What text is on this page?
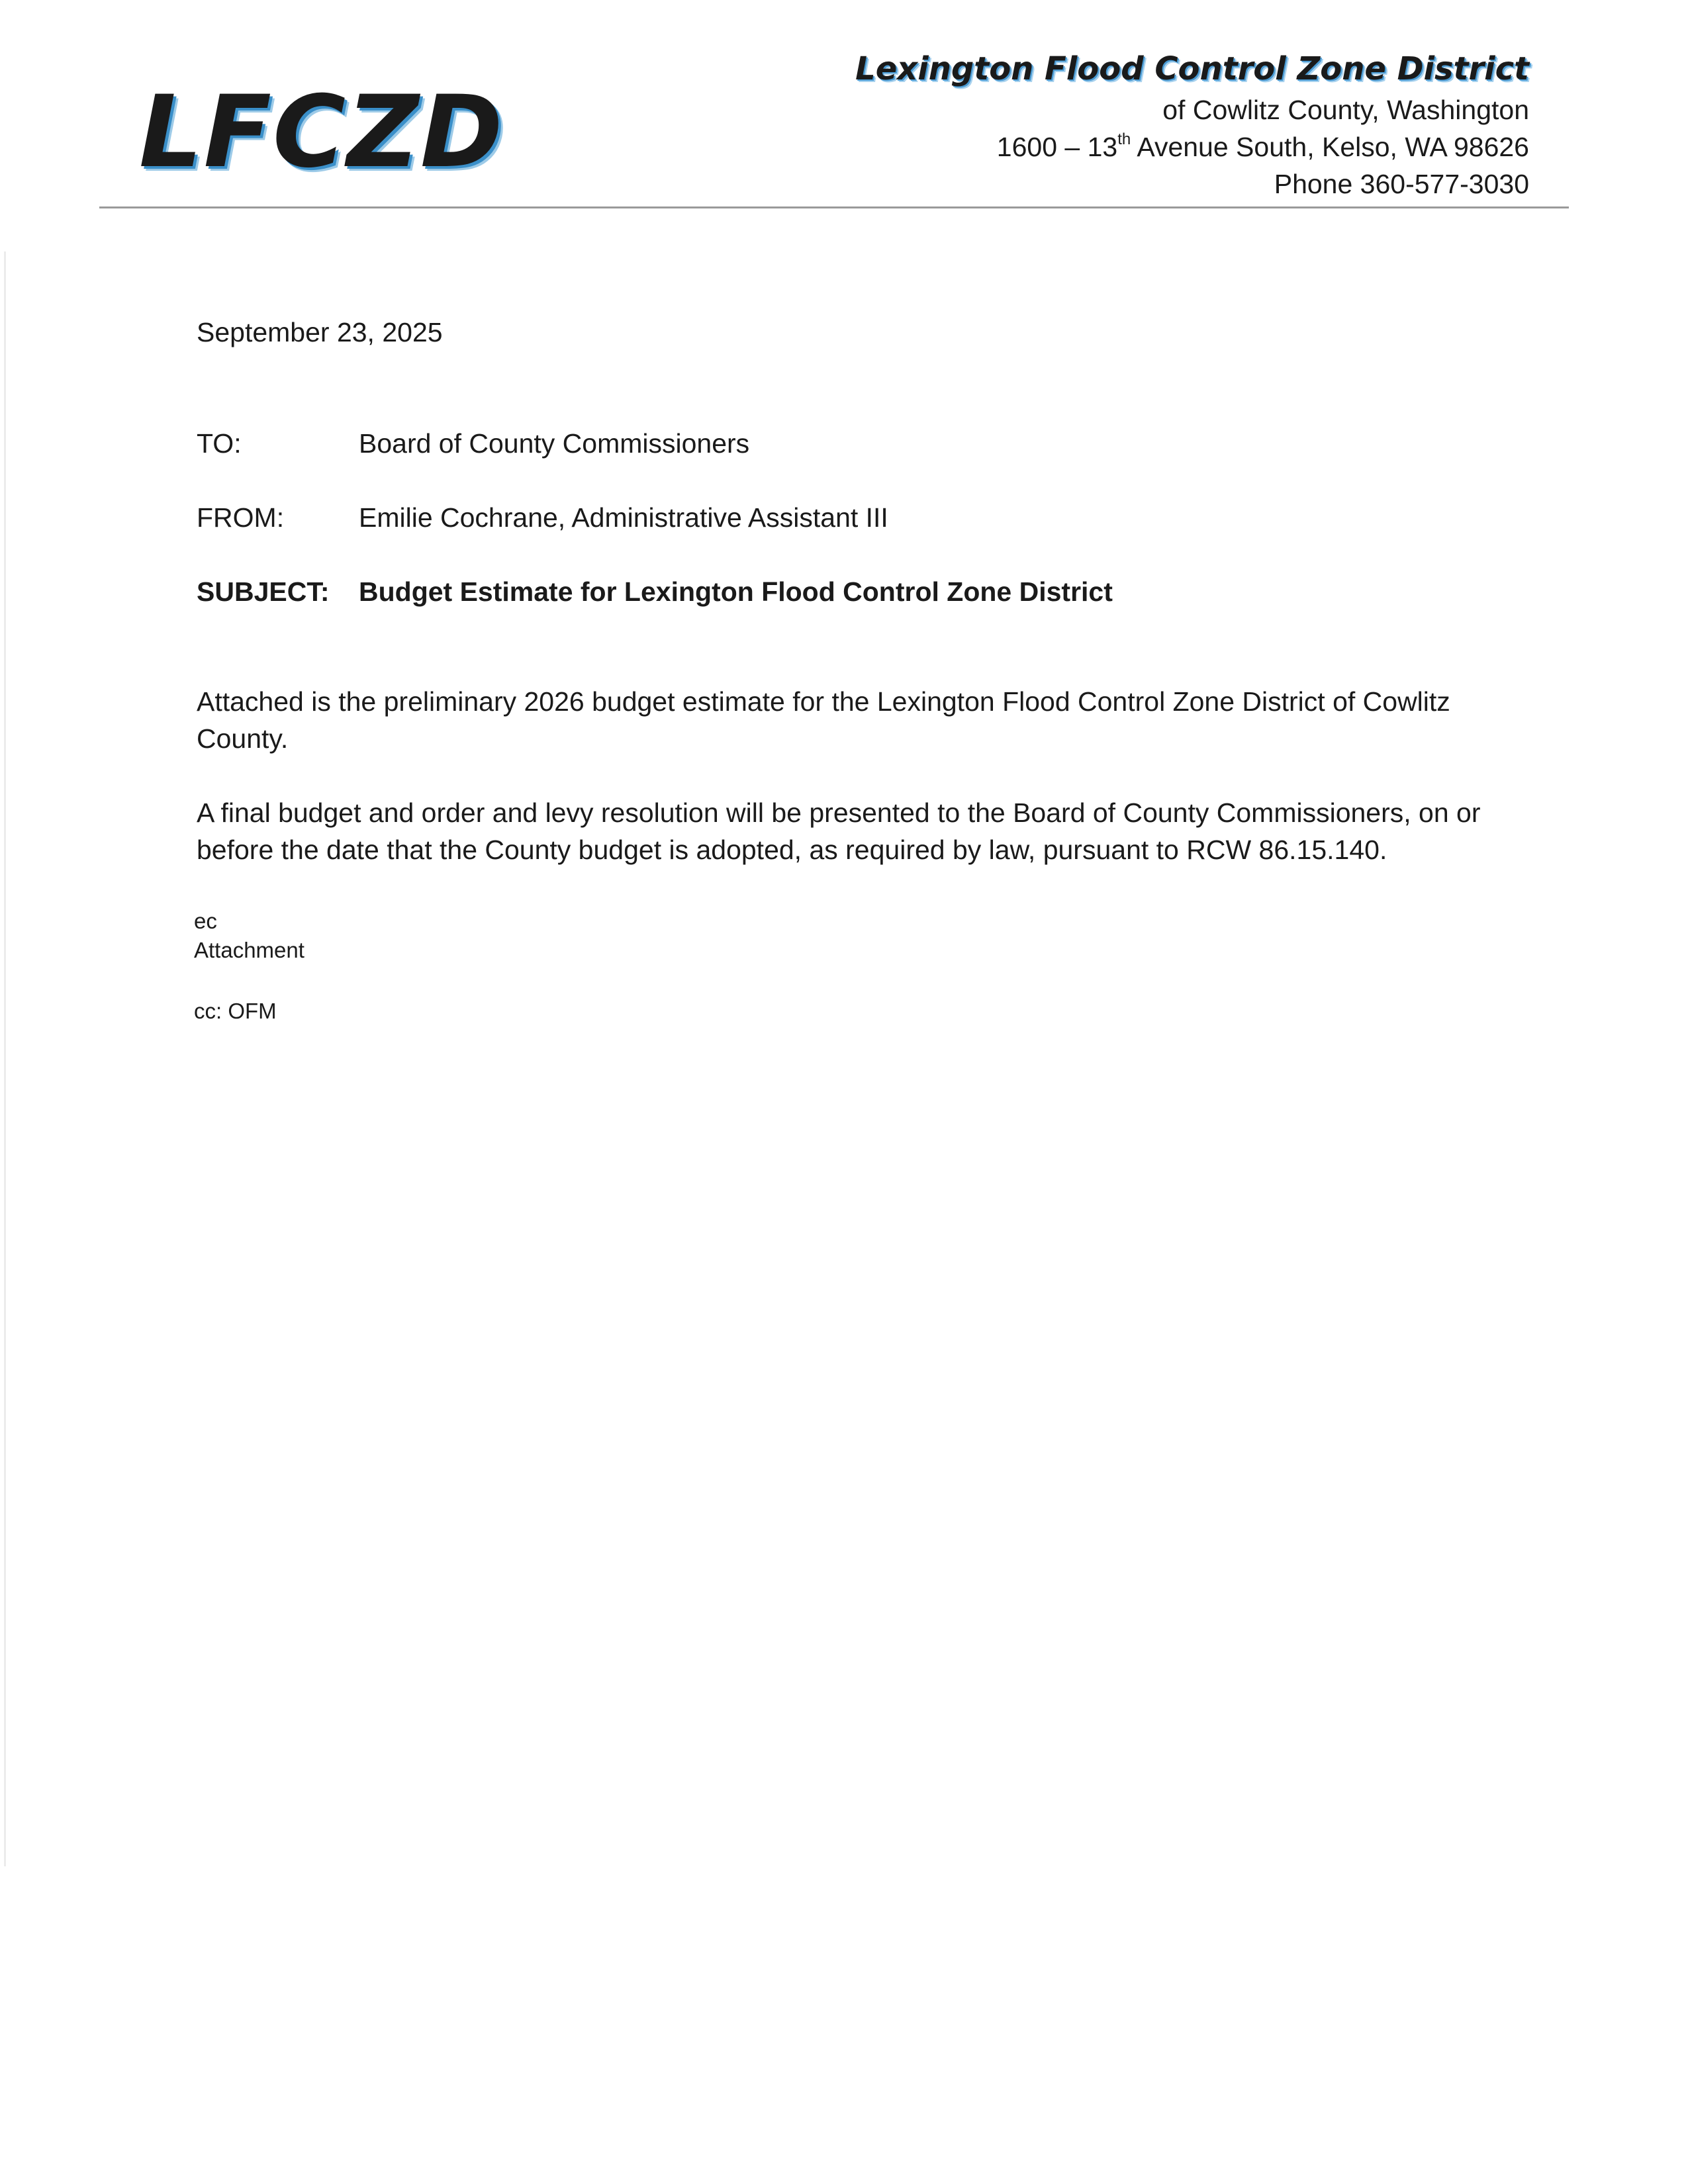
LFCZD
Lexington Flood Control Zone District
of Cowlitz County, Washington
1600 – 13th Avenue South, Kelso, WA 98626
Phone 360-577-3030
September 23, 2025
TO:	Board of County Commissioners
FROM:	Emilie Cochrane, Administrative Assistant III
SUBJECT: Budget Estimate for Lexington Flood Control Zone District
Attached is the preliminary 2026 budget estimate for the Lexington Flood Control Zone District of Cowlitz County.
A final budget and order and levy resolution will be presented to the Board of County Commissioners, on or before the date that the County budget is adopted, as required by law, pursuant to RCW 86.15.140.
ec
Attachment
cc: OFM
